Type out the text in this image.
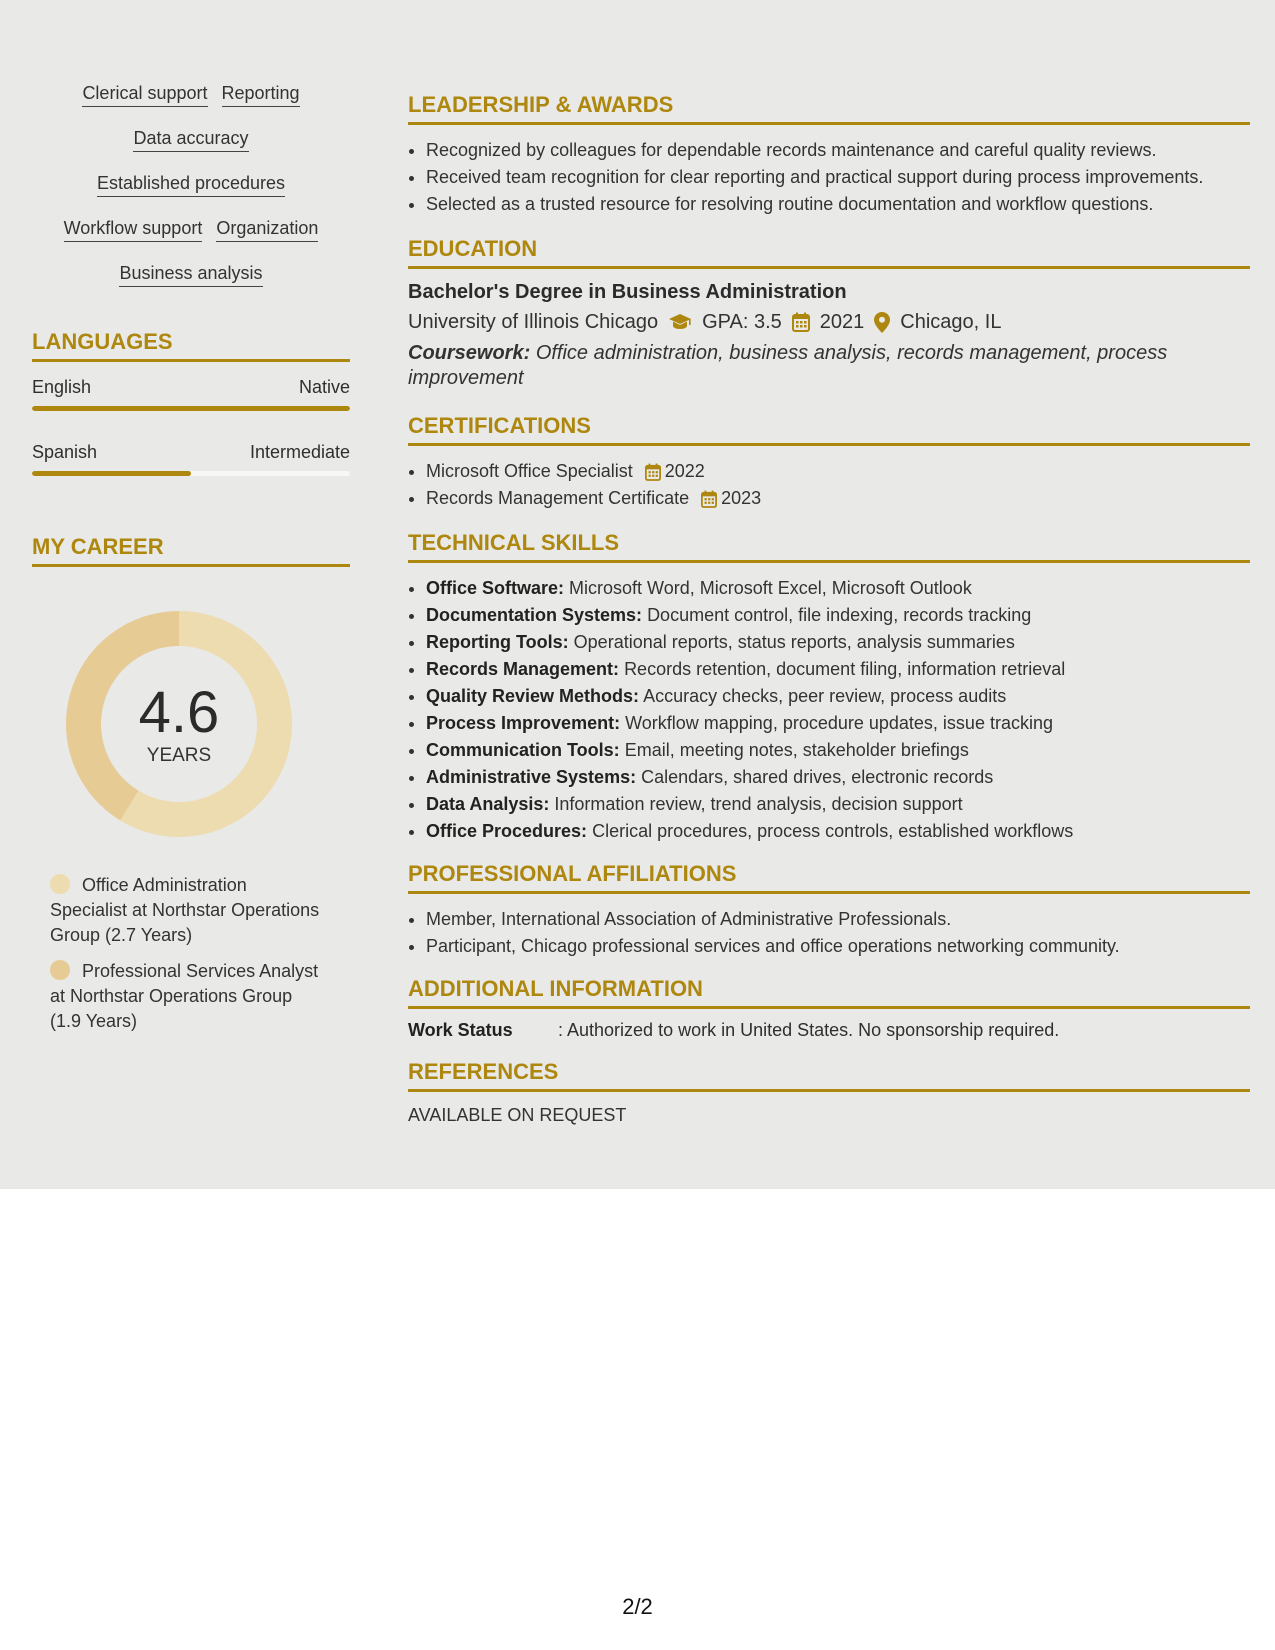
Clerical support Reporting
Data accuracy
Established procedures
Workflow support Organization
Business analysis
LANGUAGES
English	Native
Spanish	Intermediate
MY CAREER
4.6
YEARS
Office Administration Specialist at Northstar Operations Group (2.7 Years)
Professional Services Analyst at Northstar Operations Group (1.9 Years)
LEADERSHIP & AWARDS
• Recognized by colleagues for dependable records maintenance and careful quality reviews.
• Received team recognition for clear reporting and practical support during process improvements.
• Selected as a trusted resource for resolving routine documentation and workflow questions.
EDUCATION
Bachelor's Degree in Business Administration
University of Illinois Chicago GPA: 3.5 2021 Chicago, IL
Coursework: Office administration, business analysis, records management, process improvement
CERTIFICATIONS
• Microsoft Office Specialist 2022
• Records Management Certificate 2023
TECHNICAL SKILLS
• Office Software: Microsoft Word, Microsoft Excel, Microsoft Outlook
• Documentation Systems: Document control, file indexing, records tracking
• Reporting Tools: Operational reports, status reports, analysis summaries
• Records Management: Records retention, document filing, information retrieval
• Quality Review Methods: Accuracy checks, peer review, process audits
• Process Improvement: Workflow mapping, procedure updates, issue tracking
• Communication Tools: Email, meeting notes, stakeholder briefings
• Administrative Systems: Calendars, shared drives, electronic records
• Data Analysis: Information review, trend analysis, decision support
• Office Procedures: Clerical procedures, process controls, established workflows
PROFESSIONAL AFFILIATIONS
• Member, International Association of Administrative Professionals.
• Participant, Chicago professional services and office operations networking community.
ADDITIONAL INFORMATION
Work Status	: Authorized to work in United States. No sponsorship required.
REFERENCES
AVAILABLE ON REQUEST
2/2
